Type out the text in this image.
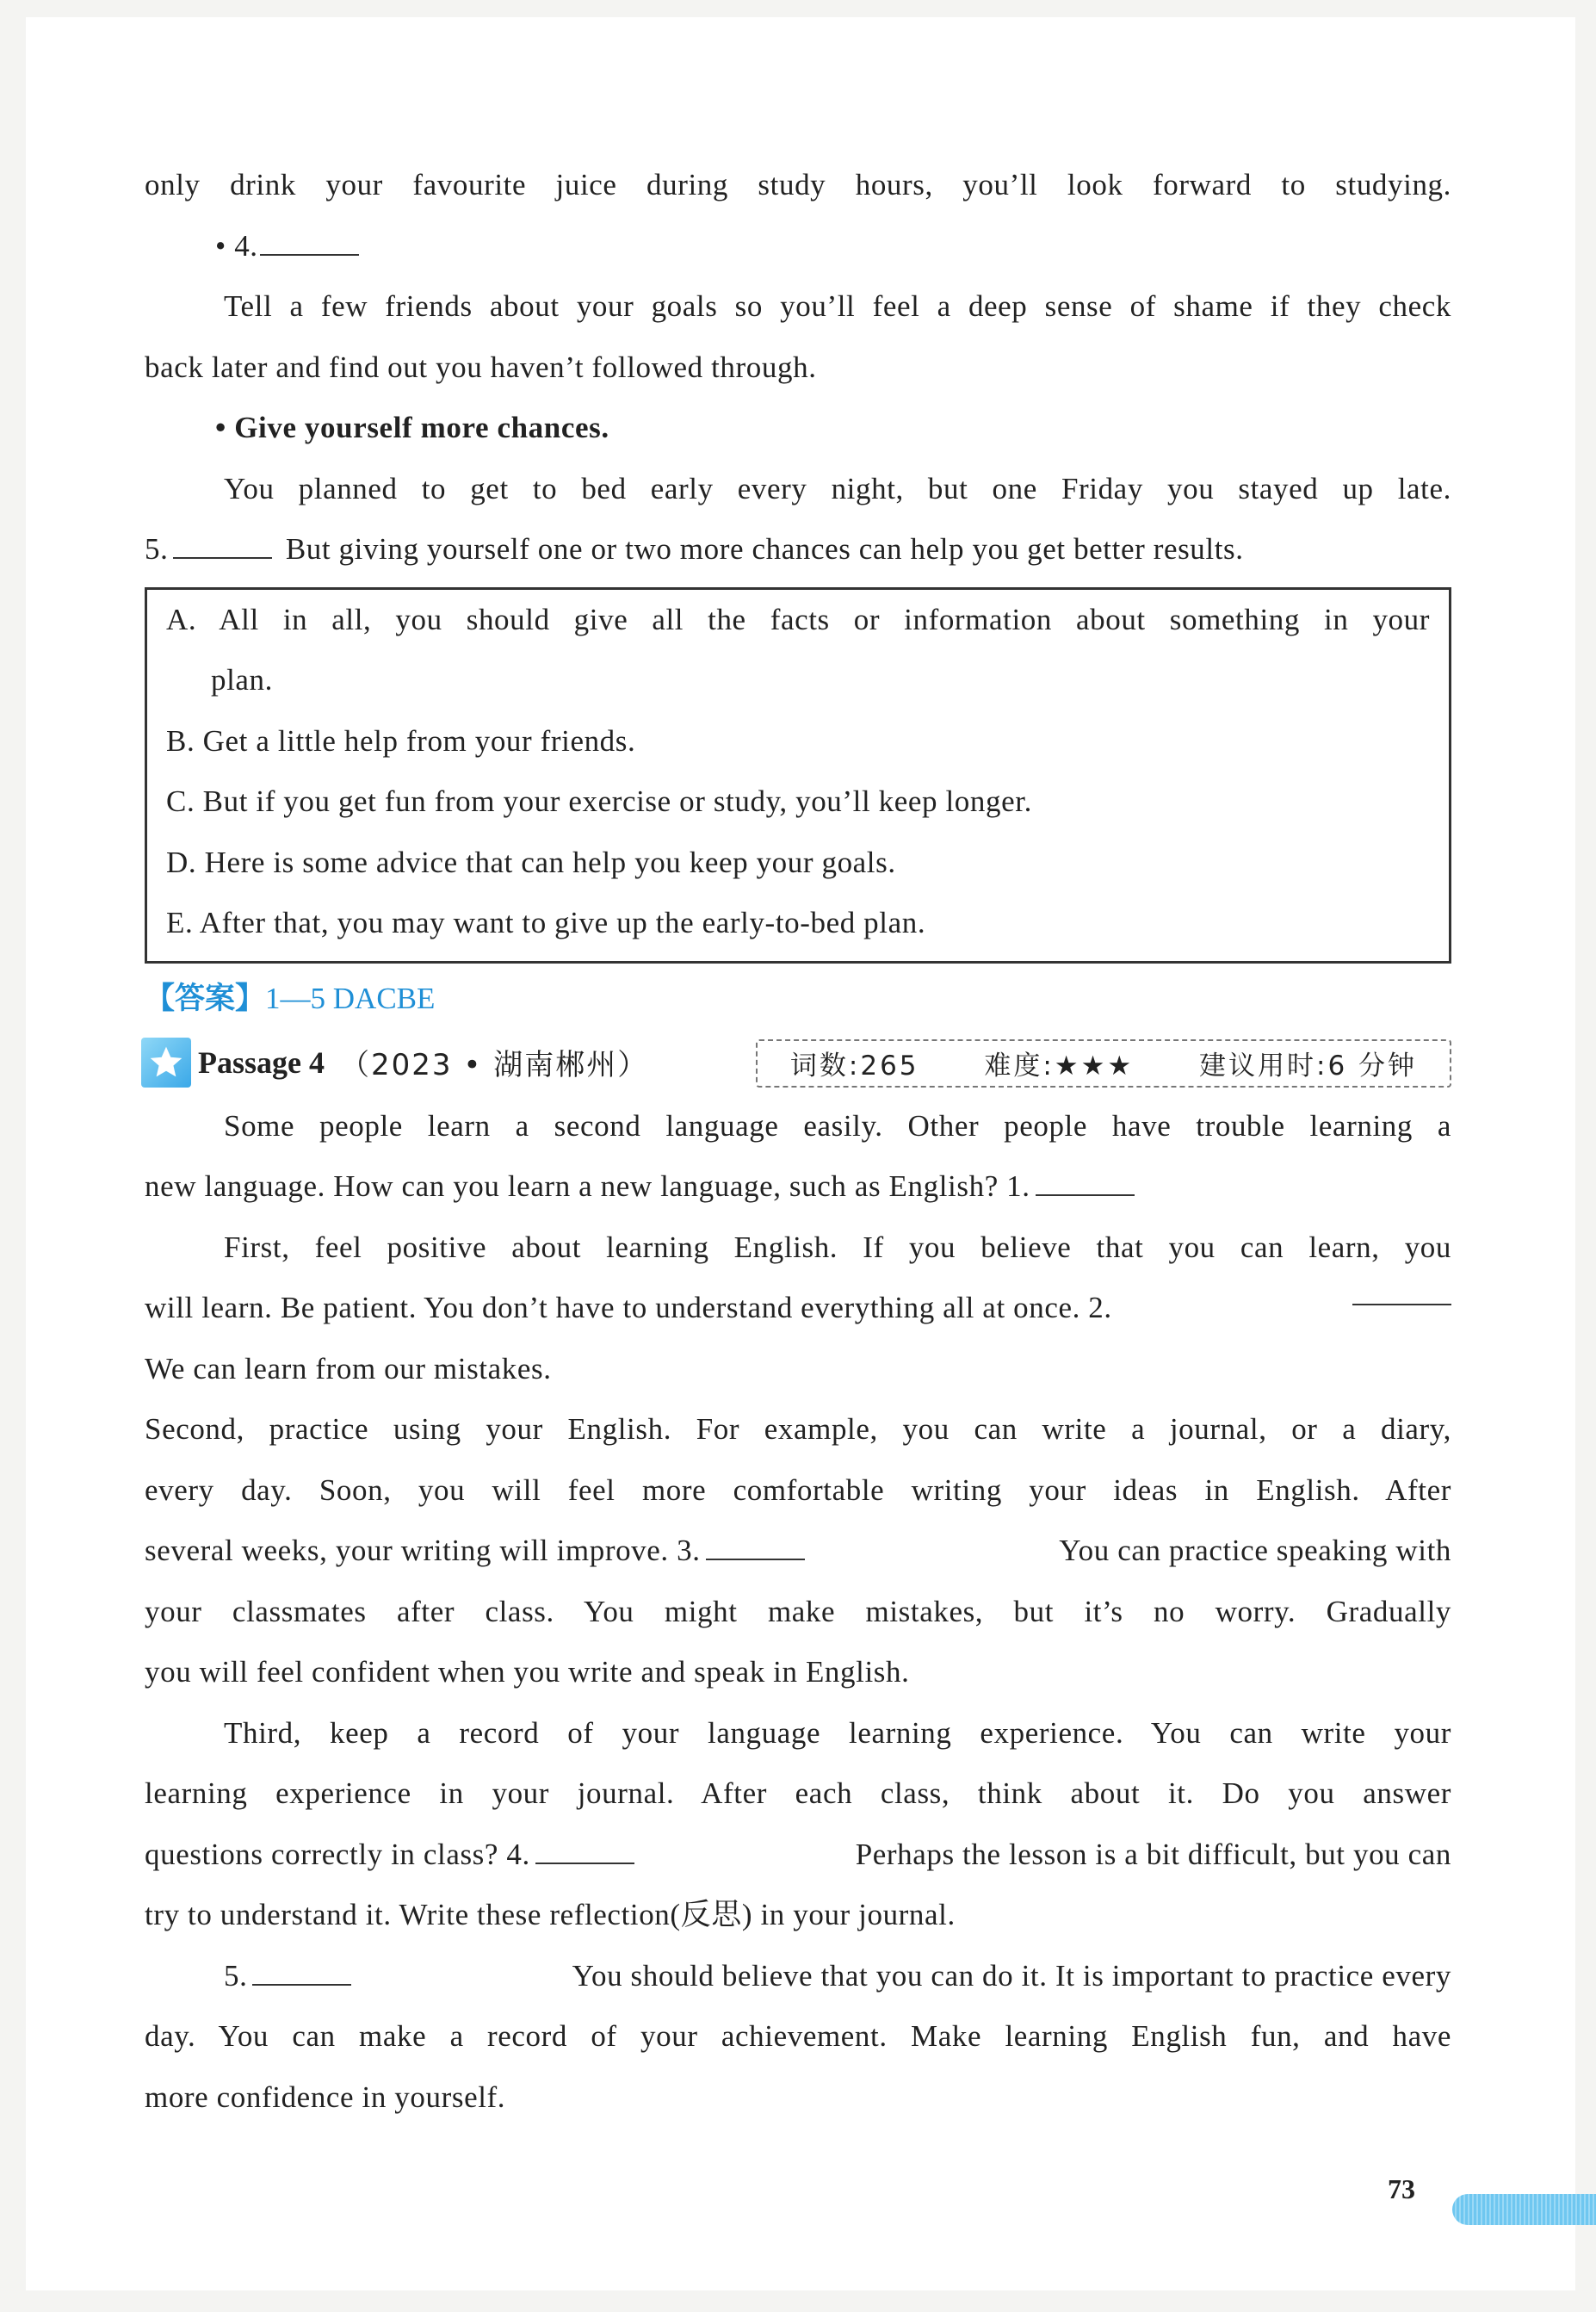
only drink your favourite juice during study hours, you’ll look forward to studying.
• 4.
Tell a few friends about your goals so you’ll feel a deep sense of shame if they check
back later and find out you haven’t followed through.
• Give yourself more chances.
You planned to get to bed early every night, but one Friday you stayed up late.
5.	But giving yourself one or two more chances can help you get better results.
A. All in all, you should give all the facts or information about something in your
plan.
B. Get a little help from your friends.
C. But if you get fun from your exercise or study, you’ll keep longer.
D. Here is some advice that can help you keep your goals.
E. After that, you may want to give up the early-to-bed plan.
【答案】1—5 DACBE
Passage 4 （2023 • 湖南郴州）	词数:265 难度:★★★ 建议用时:6 分钟
Some people learn a second language easily. Other people have trouble learning a
new language. How can you learn a new language, such as English? 1.
First, feel positive about learning English. If you believe that you can learn, you
will learn. Be patient. You don’t have to understand everything all at once. 2.
We can learn from our mistakes.
Second, practice using your English. For example, you can write a journal, or a diary,
every day. Soon, you will feel more comfortable writing your ideas in English. After
several weeks, your writing will improve. 3.	You can practice speaking with
your classmates after class. You might make mistakes, but it’s no worry. Gradually
you will feel confident when you write and speak in English.
Third, keep a record of your language learning experience. You can write your
learning experience in your journal. After each class, think about it. Do you answer
questions correctly in class? 4.	Perhaps the lesson is a bit difficult, but you can
try to understand it. Write these reflection(反思) in your journal.
5.	You should believe that you can do it. It is important to practice every
day. You can make a record of your achievement. Make learning English fun, and have
more confidence in yourself.
73
